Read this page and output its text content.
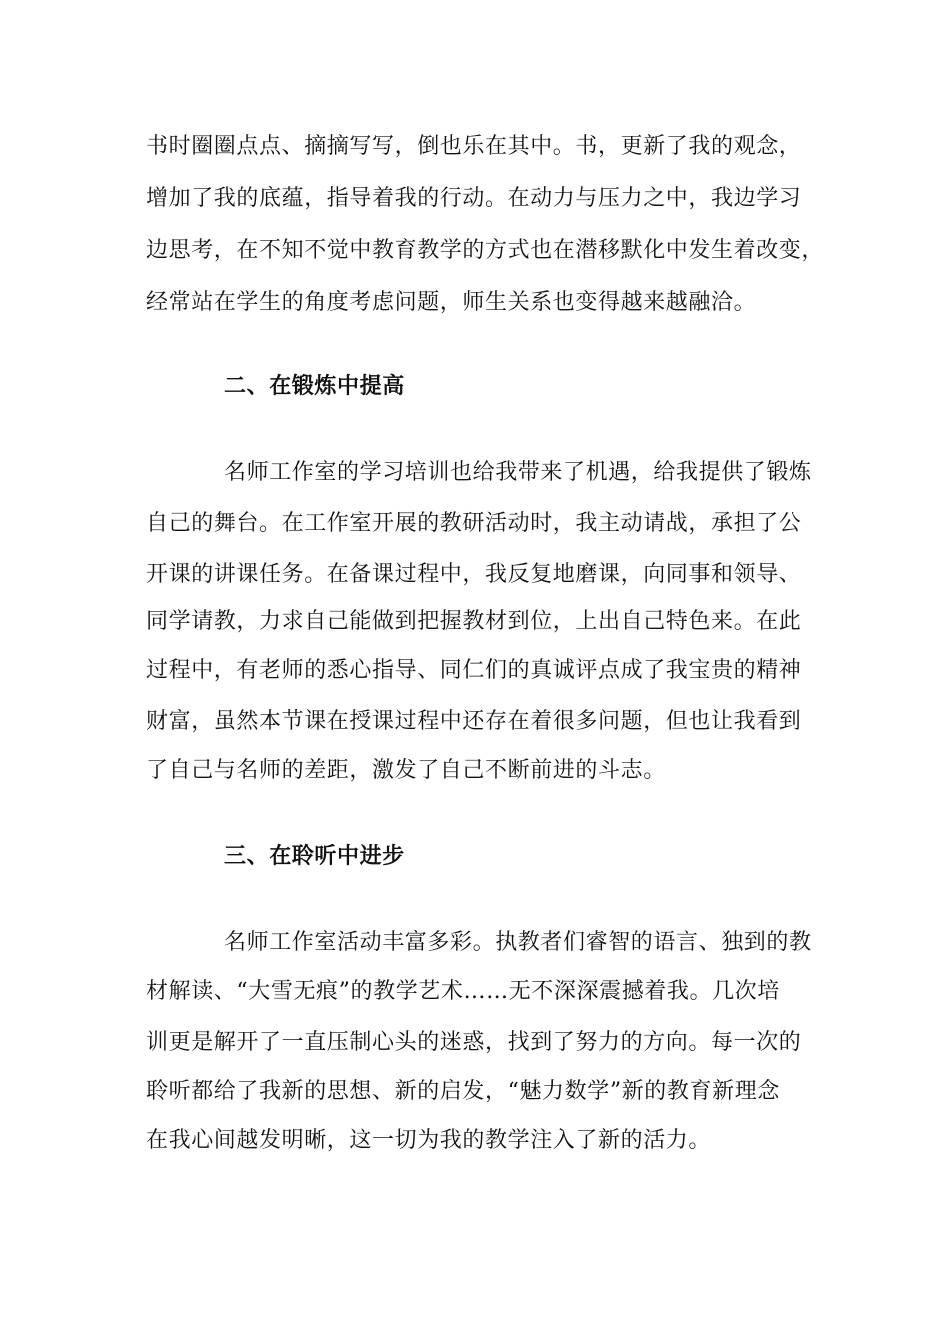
书时圈圈点点、摘摘写写，倒也乐在其中。书，更新了我的观念，
增加了我的底蕴，指导着我的行动。在动力与压力之中，我边学习
边思考，在不知不觉中教育教学的方式也在潜移默化中发生着改变，
经常站在学生的角度考虑问题，师生关系也变得越来越融洽。
二、在锻炼中提高
名师工作室的学习培训也给我带来了机遇，给我提供了锻炼
自己的舞台。在工作室开展的教研活动时，我主动请战，承担了公
开课的讲课任务。在备课过程中，我反复地磨课，向同事和领导、
同学请教，力求自己能做到把握教材到位，上出自己特色来。在此
过程中，有老师的悉心指导、同仁们的真诚评点成了我宝贵的精神
财富，虽然本节课在授课过程中还存在着很多问题，但也让我看到
了自己与名师的差距，激发了自己不断前进的斗志。
三、在聆听中进步
名师工作室活动丰富多彩。执教者们睿智的语言、独到的教
材解读、“大雪无痕”的教学艺术……无不深深震撼着我。几次培
训更是解开了一直压制心头的迷惑，找到了努力的方向。每一次的
聆听都给了我新的思想、新的启发，“魅力数学”新的教育新理念
在我心间越发明晰，这一切为我的教学注入了新的活力。
